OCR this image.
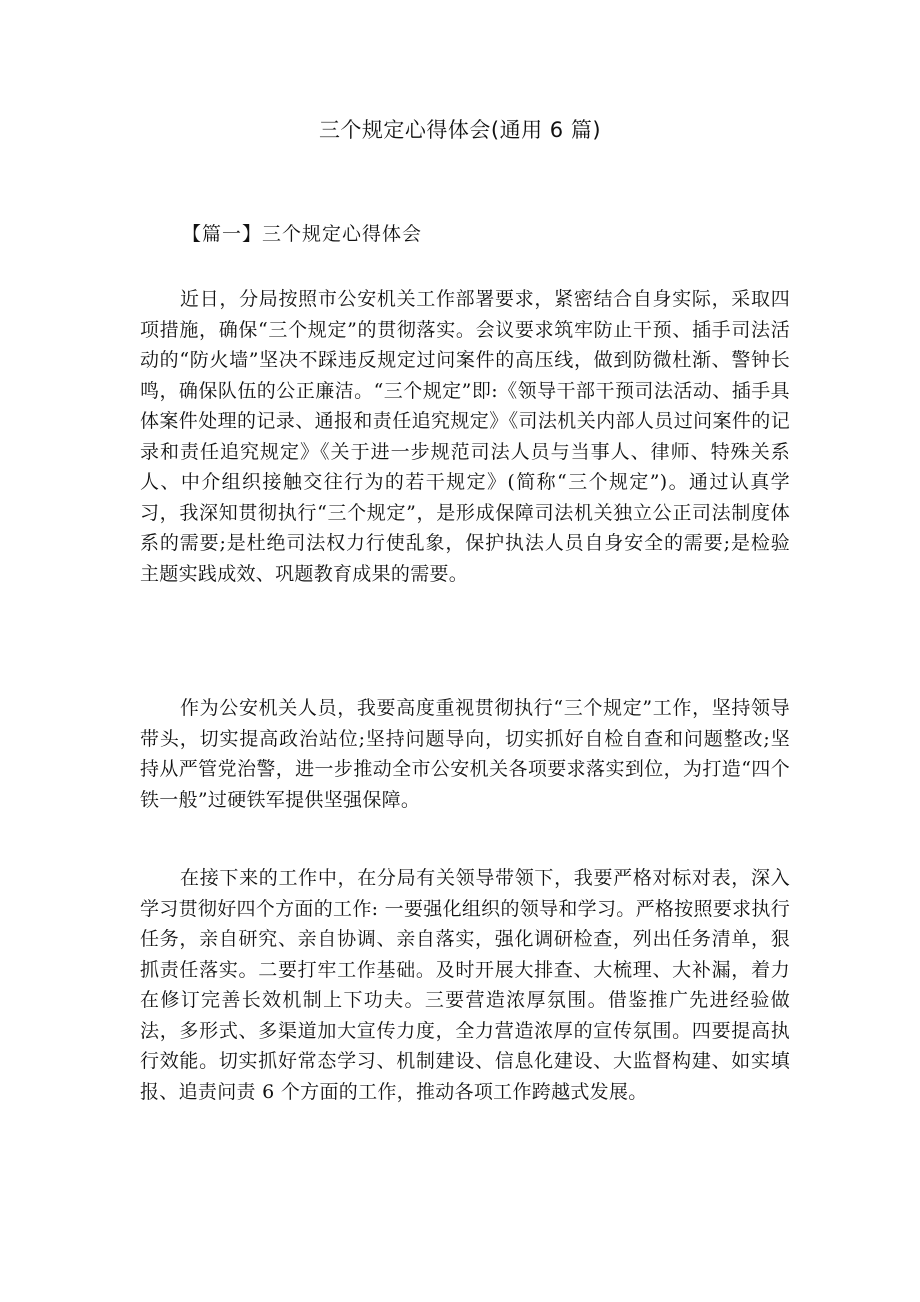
三个规定心得体会(通用 6 篇)
【篇一】三个规定心得体会

近日，分局按照市公安机关工作部署要求，紧密结合自身实际，采取四项措施，确保“三个规定”的贯彻落实。会议要求筑牢防止干预、插手司法活动的“防火墙”坚决不踩违反规定过问案件的高压线，做到防微杜渐、警钟长鸣，确保队伍的公正廉洁。“三个规定”即:《领导干部干预司法活动、插手具体案件处理的记录、通报和责任追究规定》《司法机关内部人员过问案件的记录和责任追究规定》《关于进一步规范司法人员与当事人、律师、特殊关系人、中介组织接触交往行为的若干规定》(简称“三个规定”)。通过认真学习，我深知贯彻执行“三个规定”，是形成保障司法机关独立公正司法制度体系的需要;是杜绝司法权力行使乱象，保护执法人员自身安全的需要;是检验主题实践成效、巩题教育成果的需要。

作为公安机关人员，我要高度重视贯彻执行“三个规定”工作，坚持领导带头，切实提高政治站位;坚持问题导向，切实抓好自检自查和问题整改;坚持从严管党治警，进一步推动全市公安机关各项要求落实到位，为打造“四个铁一般”过硬铁军提供坚强保障。

在接下来的工作中，在分局有关领导带领下，我要严格对标对表，深入学习贯彻好四个方面的工作: 一要强化组织的领导和学习。严格按照要求执行任务，亲自研究、亲自协调、亲自落实，强化调研检查，列出任务清单，狠抓责任落实。二要打牢工作基础。及时开展大排查、大梳理、大补漏，着力在修订完善长效机制上下功夫。三要营造浓厚氛围。借鉴推广先进经验做法，多形式、多渠道加大宣传力度，全力营造浓厚的宣传氛围。四要提高执行效能。切实抓好常态学习、机制建设、信息化建设、大监督构建、如实填报、追责问责 6 个方面的工作，推动各项工作跨越式发展。
